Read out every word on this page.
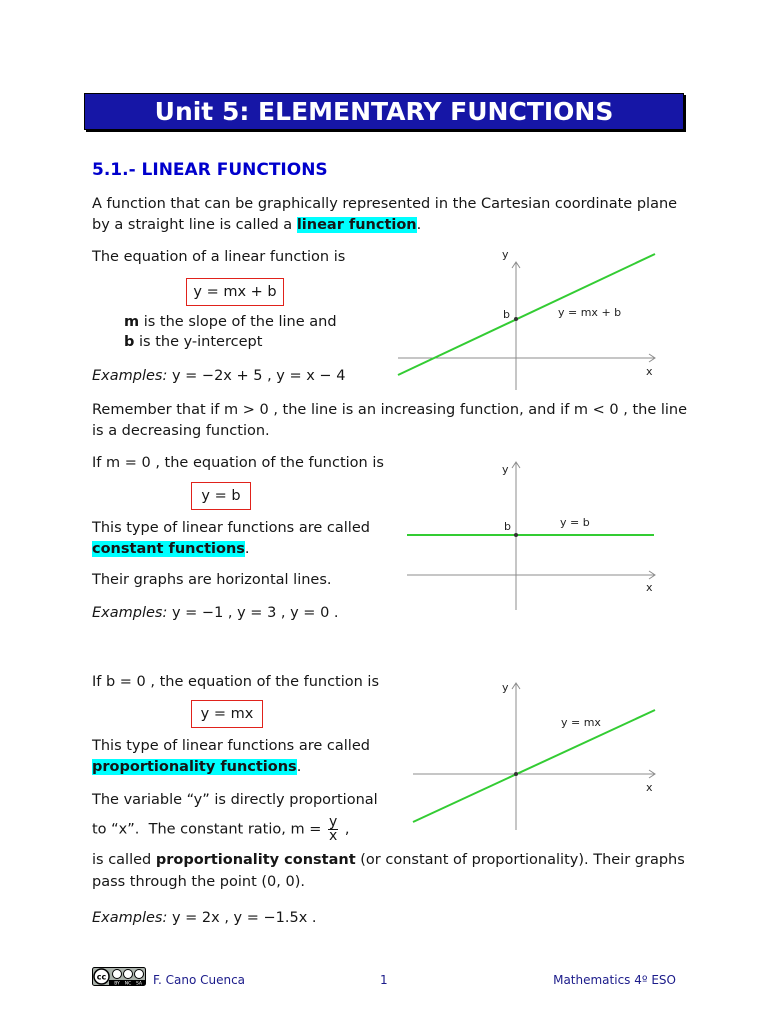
Unit 5: ELEMENTARY FUNCTIONS
5.1.- LINEAR FUNCTIONS
A function that can be graphically represented in the Cartesian coordinate plane
by a straight line is called a linear function.
The equation of a linear function is
y = mx + b
m is the slope of the line and
b is the y-intercept
Examples: y = −2x + 5 , y = x − 4
y
x
b	y = mx + b
Remember that if m > 0 , the line is an increasing function, and if m < 0 , the line
is a decreasing function.
If m = 0 , the equation of the function is
y = b
This type of linear functions are called
constant functions.
Their graphs are horizontal lines.
Examples: y = −1 , y = 3 , y = 0 .
y
x
b	y = b
If b = 0 , the equation of the function is
y = mx
This type of linear functions are called
proportionality functions.
The variable “y” is directly proportional
to “x”.  The constant ratio, $m = \frac{y}{x}$ ,
is called proportionality constant (or constant of proportionality). Their graphs
pass through the point (0, 0).
Examples: y = 2x , y = −1.5x .
y
x
y = mx
cc
BY NC SA F. Cano Cuenca	1	Mathematics 4º ESO
